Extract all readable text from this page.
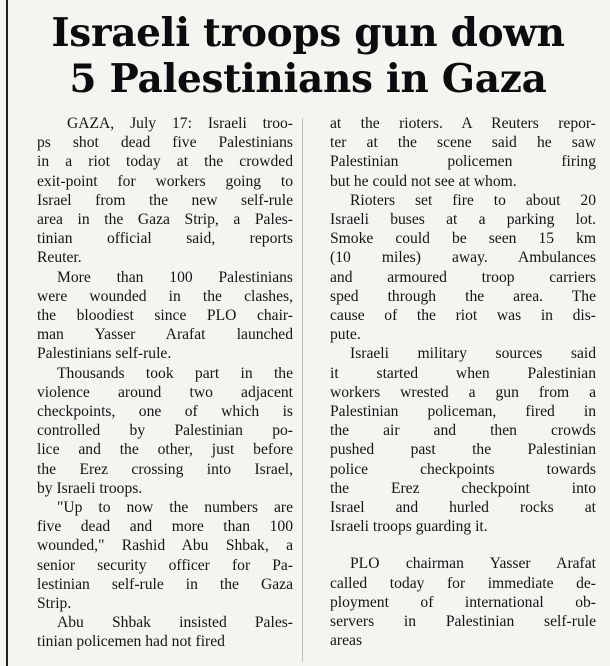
Israeli troops gun down
5 Palestinians in Gaza

GAZA, July 17: Israeli troo-
ps shot dead five Palestinians
in a riot today at the crowded
exit-point for workers going to
Israel from the new self-rule
area in the Gaza Strip, a Pales-
tinian official said, reports
Reuter.

More than 100 Palestinians
were wounded in the clashes,
the bloodiest since PLO chair-
man Yasser Arafat launched
Palestinians self-rule.

Thousands took part in the
violence around two adjacent
checkpoints, one of which is
controlled by Palestinian po-
lice and the other, just before
the Erez crossing into Israel,
by Israeli troops.

"Up to now the numbers are
five dead and more than 100
wounded," Rashid Abu Shbak, a
senior security officer for Pa-
lestinian self-rule in the Gaza
Strip.

Abu Shbak insisted Pales-
tinian policemen had not fired

at the rioters. A Reuters repor-
ter at the scene said he saw
Palestinian policemen firing
but he could not see at whom.

Rioters set fire to about 20
Israeli buses at a parking lot.
Smoke could be seen 15 km
(10 miles) away. Ambulances
and armoured troop carriers
sped through the area. The
cause of the riot was in dis-
pute.

Israeli military sources said
it started when Palestinian
workers wrested a gun from a
Palestinian policeman, fired in
the air and then crowds
pushed past the Palestinian
police checkpoints towards
the Erez checkpoint into
Israel and hurled rocks at
Israeli troops guarding it.

PLO chairman Yasser Arafat
called today for immediate de-
ployment of international ob-
servers in Palestinian self-rule
areas
